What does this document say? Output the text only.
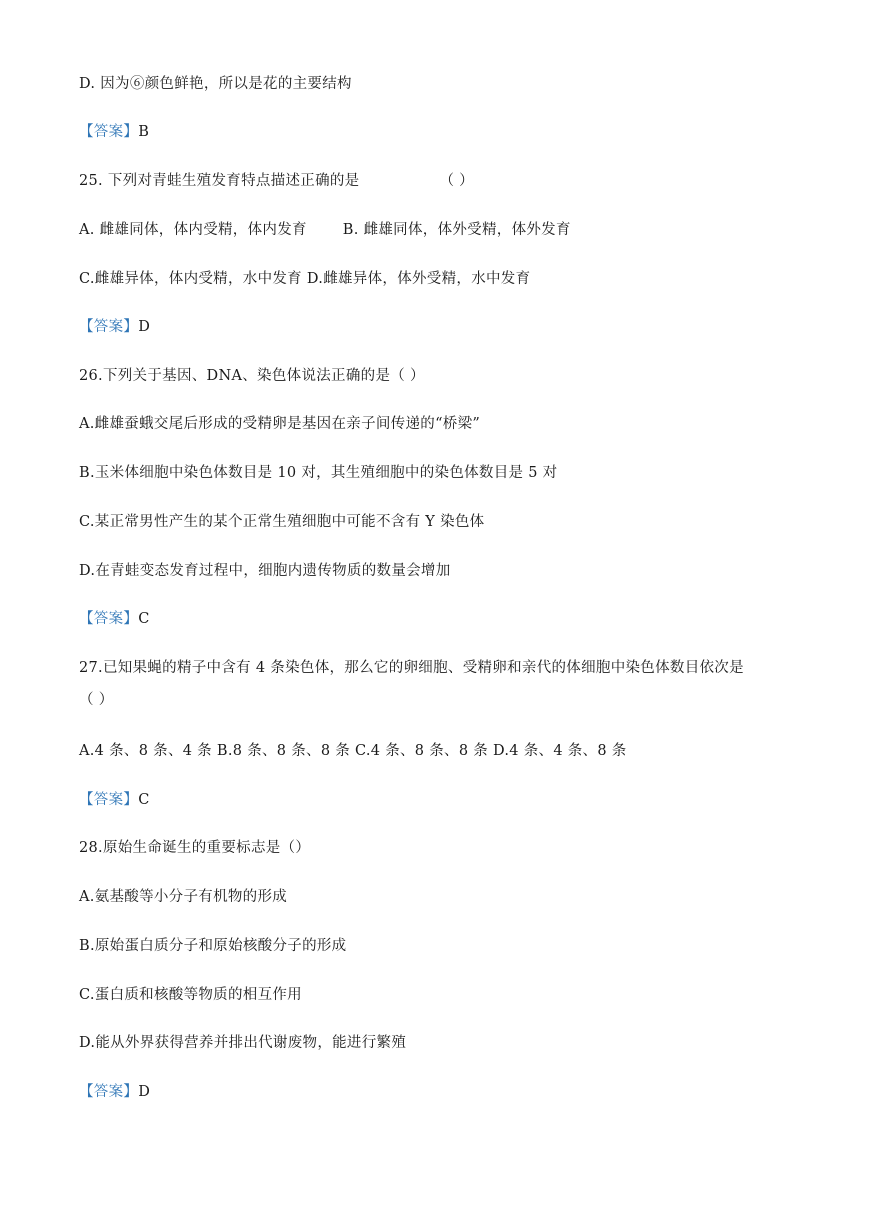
D. 因为⑥颜色鲜艳，所以是花的主要结构
【答案】B
25. 下列对青蛙生殖发育特点描述正确的是	（ ）
A. 雌雄同体，体内受精，体内发育 B. 雌雄同体，体外受精，体外发育
C.雌雄异体，体内受精，水中发育 D.雌雄异体，体外受精，水中发育
【答案】D
26.下列关于基因、DNA、染色体说法正确的是（ ）
A.雌雄蚕蛾交尾后形成的受精卵是基因在亲子间传递的“桥梁”
B.玉米体细胞中染色体数目是 10 对，其生殖细胞中的染色体数目是 5 对
C.某正常男性产生的某个正常生殖细胞中可能不含有 Y 染色体
D.在青蛙变态发育过程中，细胞内遗传物质的数量会增加
【答案】C
27.已知果蝇的精子中含有 4 条染色体，那么它的卵细胞、受精卵和亲代的体细胞中染色体数目依次是
（ ）
A.4 条、8 条、4 条 B.8 条、8 条、8 条 C.4 条、8 条、8 条 D.4 条、4 条、8 条
【答案】C
28.原始生命诞生的重要标志是（）
A.氨基酸等小分子有机物的形成
B.原始蛋白质分子和原始核酸分子的形成
C.蛋白质和核酸等物质的相互作用
D.能从外界获得营养并排出代谢废物，能进行繁殖
【答案】D
